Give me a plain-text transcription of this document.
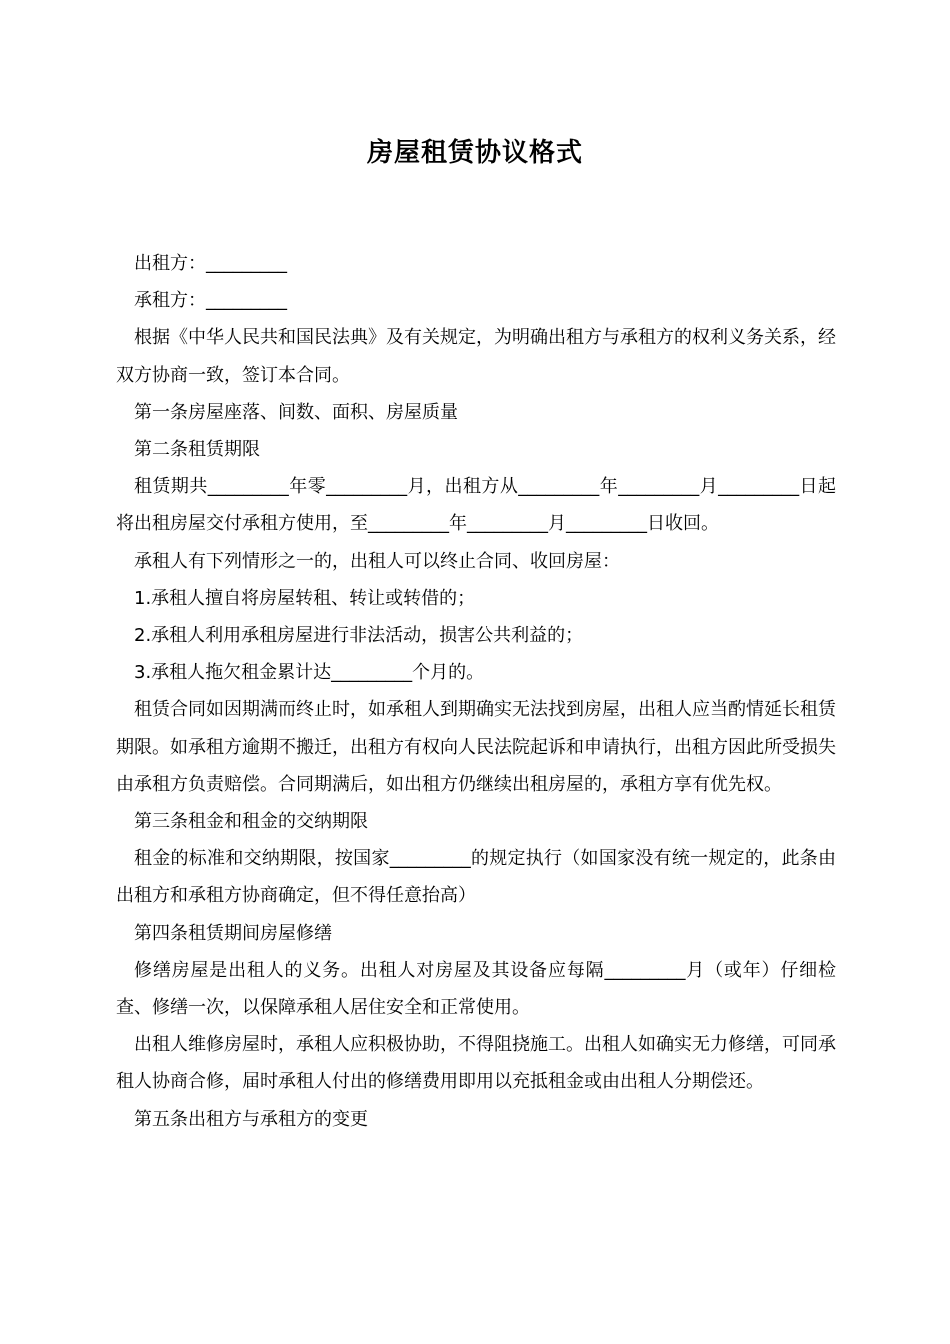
房屋租赁协议格式

出租方：_________

承租方：_________

根据《中华人民共和国民法典》及有关规定，为明确出租方与承租方的权利义务关系，经双方协商一致，签订本合同。

第一条房屋座落、间数、面积、房屋质量

第二条租赁期限

租赁期共_________年零_________月，出租方从_________年_________月_________日起将出租房屋交付承租方使用，至_________年_________月_________日收回。

承租人有下列情形之一的，出租人可以终止合同、收回房屋：

1.承租人擅自将房屋转租、转让或转借的；

2.承租人利用承租房屋进行非法活动，损害公共利益的；

3.承租人拖欠租金累计达_________个月的。

租赁合同如因期满而终止时，如承租人到期确实无法找到房屋，出租人应当酌情延长租赁期限。如承租方逾期不搬迁，出租方有权向人民法院起诉和申请执行，出租方因此所受损失由承租方负责赔偿。合同期满后，如出租方仍继续出租房屋的，承租方享有优先权。

第三条租金和租金的交纳期限

租金的标准和交纳期限，按国家_________的规定执行（如国家没有统一规定的，此条由出租方和承租方协商确定，但不得任意抬高）

第四条租赁期间房屋修缮

修缮房屋是出租人的义务。出租人对房屋及其设备应每隔_________月（或年）仔细检查、修缮一次，以保障承租人居住安全和正常使用。

出租人维修房屋时，承租人应积极协助，不得阻挠施工。出租人如确实无力修缮，可同承租人协商合修，届时承租人付出的修缮费用即用以充抵租金或由出租人分期偿还。

第五条出租方与承租方的变更
